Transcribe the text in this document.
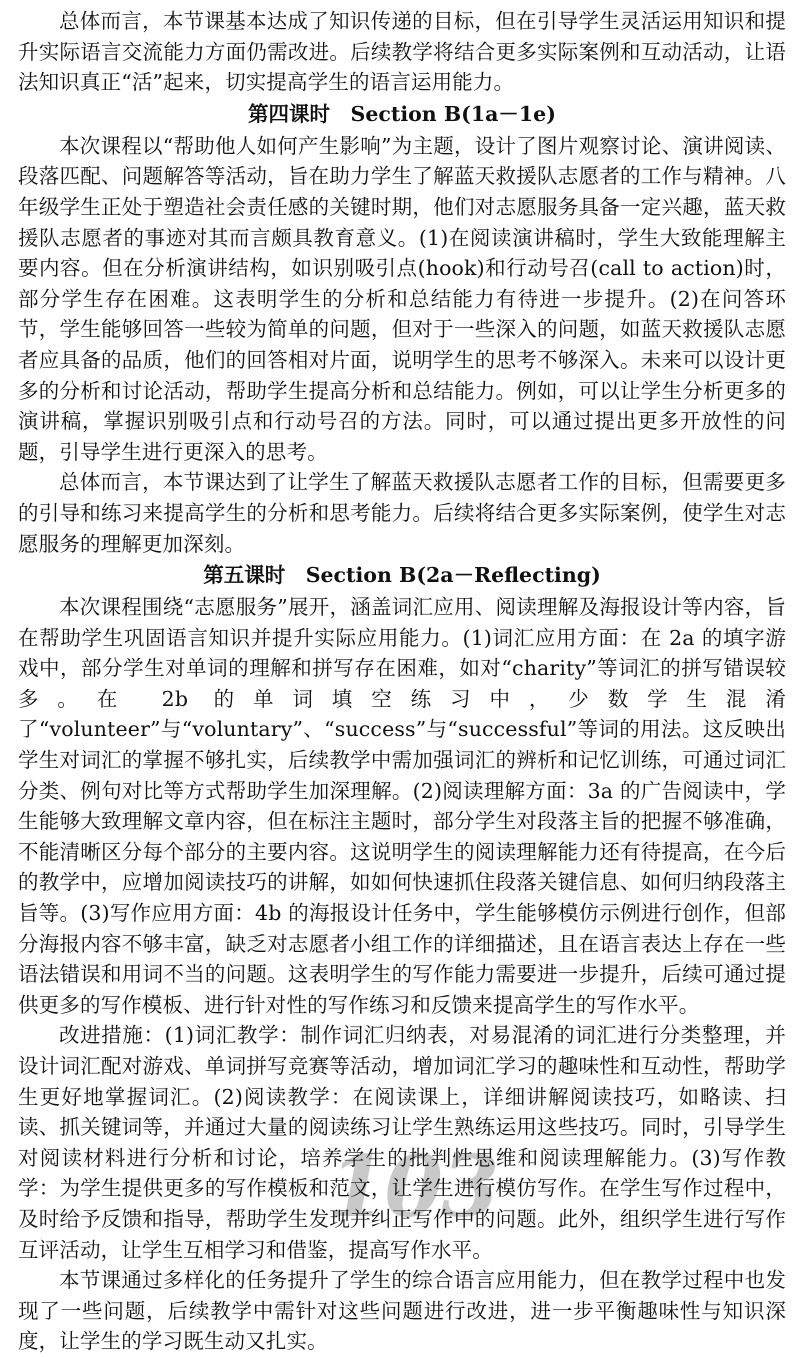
103

总体而言，本节课基本达成了知识传递的目标，但在引导学生灵活运用知识和提升实际语言交流能力方面仍需改进。后续教学将结合更多实际案例和互动活动，让语法知识真正“活”起来，切实提高学生的语言运用能力。

第四课时　Section B(1a－1e)

本次课程以“帮助他人如何产生影响”为主题，设计了图片观察讨论、演讲阅读、段落匹配、问题解答等活动，旨在助力学生了解蓝天救援队志愿者的工作与精神。八年级学生正处于塑造社会责任感的关键时期，他们对志愿服务具备一定兴趣，蓝天救援队志愿者的事迹对其而言颇具教育意义。(1)在阅读演讲稿时，学生大致能理解主要内容。但在分析演讲结构，如识别吸引点(hook)和行动号召(call to action)时，部分学生存在困难。这表明学生的分析和总结能力有待进一步提升。(2)在问答环节，学生能够回答一些较为简单的问题，但对于一些深入的问题，如蓝天救援队志愿者应具备的品质，他们的回答相对片面，说明学生的思考不够深入。未来可以设计更多的分析和讨论活动，帮助学生提高分析和总结能力。例如，可以让学生分析更多的演讲稿，掌握识别吸引点和行动号召的方法。同时，可以通过提出更多开放性的问题，引导学生进行更深入的思考。

总体而言，本节课达到了让学生了解蓝天救援队志愿者工作的目标，但需要更多的引导和练习来提高学生的分析和思考能力。后续将结合更多实际案例，使学生对志愿服务的理解更加深刻。

第五课时　Section B(2a－Reflecting)

本次课程围绕“志愿服务”展开，涵盖词汇应用、阅读理解及海报设计等内容，旨在帮助学生巩固语言知识并提升实际应用能力。(1)词汇应用方面：在 2a 的填字游戏中，部分学生对单词的理解和拼写存在困难，如对“charity”等词汇的拼写错误较多。在 2b 的单词填空练习中，少数学生混淆了“volunteer”与“voluntary”、“success”与“successful”等词的用法。这反映出学生对词汇的掌握不够扎实，后续教学中需加强词汇的辨析和记忆训练，可通过词汇分类、例句对比等方式帮助学生加深理解。(2)阅读理解方面：3a 的广告阅读中，学生能够大致理解文章内容，但在标注主题时，部分学生对段落主旨的把握不够准确，不能清晰区分每个部分的主要内容。这说明学生的阅读理解能力还有待提高，在今后的教学中，应增加阅读技巧的讲解，如如何快速抓住段落关键信息、如何归纳段落主旨等。(3)写作应用方面：4b 的海报设计任务中，学生能够模仿示例进行创作，但部分海报内容不够丰富，缺乏对志愿者小组工作的详细描述，且在语言表达上存在一些语法错误和用词不当的问题。这表明学生的写作能力需要进一步提升，后续可通过提供更多的写作模板、进行针对性的写作练习和反馈来提高学生的写作水平。

改进措施：(1)词汇教学：制作词汇归纳表，对易混淆的词汇进行分类整理，并设计词汇配对游戏、单词拼写竞赛等活动，增加词汇学习的趣味性和互动性，帮助学生更好地掌握词汇。(2)阅读教学：在阅读课上，详细讲解阅读技巧，如略读、扫读、抓关键词等，并通过大量的阅读练习让学生熟练运用这些技巧。同时，引导学生对阅读材料进行分析和讨论，培养学生的批判性思维和阅读理解能力。(3)写作教学：为学生提供更多的写作模板和范文，让学生进行模仿写作。在学生写作过程中，及时给予反馈和指导，帮助学生发现并纠正写作中的问题。此外，组织学生进行写作互评活动，让学生互相学习和借鉴，提高写作水平。

本节课通过多样化的任务提升了学生的综合语言应用能力，但在教学过程中也发现了一些问题，后续教学中需针对这些问题进行改进，进一步平衡趣味性与知识深度，让学生的学习既生动又扎实。
